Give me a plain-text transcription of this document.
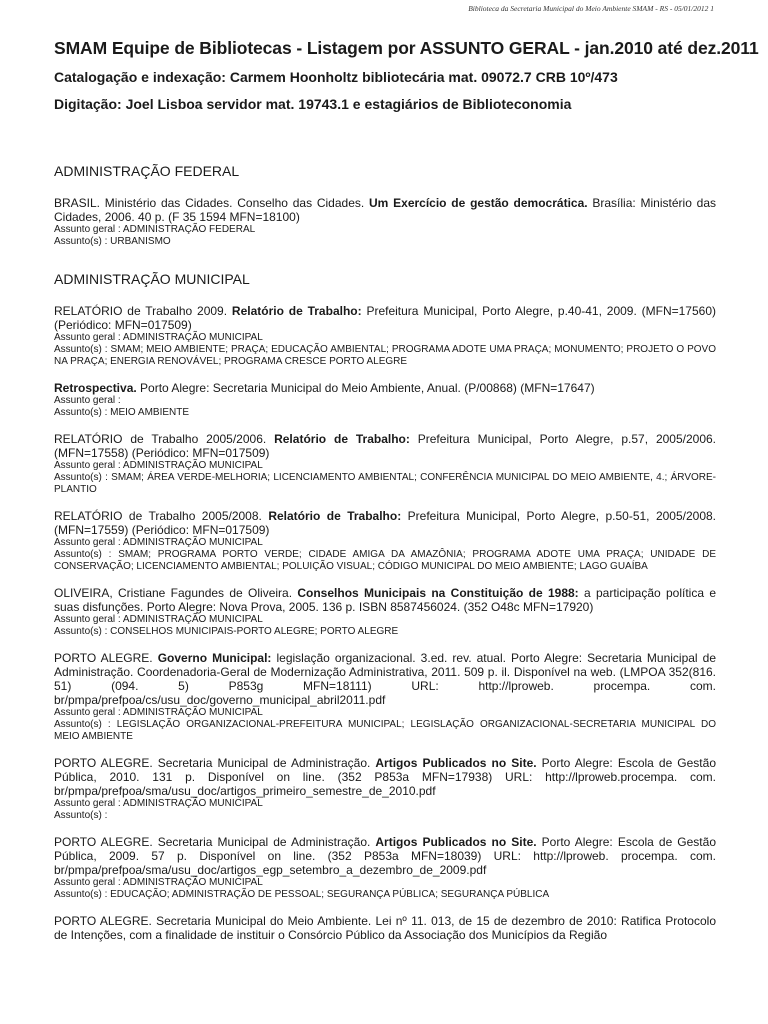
Biblioteca da Secretaria Municipal do Meio Ambiente SMAM - RS - 05/01/2012 1
SMAM Equipe de Bibliotecas - Listagem por ASSUNTO GERAL - jan.2010 até dez.2011
Catalogação e indexação: Carmem Hoonholtz bibliotecária mat. 09072.7 CRB 10º/473
Digitação: Joel Lisboa servidor mat. 19743.1 e estagiários de Biblioteconomia
ADMINISTRAÇÃO FEDERAL

BRASIL. Ministério das Cidades. Conselho das Cidades. Um Exercício de gestão democrática. Brasília: Ministério das Cidades, 2006. 40 p. (F 35 1594 MFN=18100)

Assunto geral : ADMINISTRAÇÃO FEDERAL

Assunto(s) : URBANISMO

ADMINISTRAÇÃO MUNICIPAL

RELATÓRIO de Trabalho 2009. Relatório de Trabalho: Prefeitura Municipal, Porto Alegre, p.40-41, 2009. (MFN=17560) (Periódico: MFN=017509)

Assunto geral : ADMINISTRAÇÃO MUNICIPAL

Assunto(s) : SMAM; MEIO AMBIENTE; PRAÇA; EDUCAÇÃO AMBIENTAL; PROGRAMA ADOTE UMA PRAÇA; MONUMENTO; PROJETO O POVO NA PRAÇA; ENERGIA RENOVÁVEL; PROGRAMA CRESCE PORTO ALEGRE

Retrospectiva. Porto Alegre: Secretaria Municipal do Meio Ambiente, Anual. (P/00868) (MFN=17647)

Assunto geral :

Assunto(s) : MEIO AMBIENTE

RELATÓRIO de Trabalho 2005/2006. Relatório de Trabalho: Prefeitura Municipal, Porto Alegre, p.57, 2005/2006. (MFN=17558) (Periódico: MFN=017509)

Assunto geral : ADMINISTRAÇÃO MUNICIPAL

Assunto(s) : SMAM; ÁREA VERDE-MELHORIA; LICENCIAMENTO AMBIENTAL; CONFERÊNCIA MUNICIPAL DO MEIO AMBIENTE, 4.; ÁRVORE-PLANTIO

RELATÓRIO de Trabalho 2005/2008. Relatório de Trabalho: Prefeitura Municipal, Porto Alegre, p.50-51, 2005/2008. (MFN=17559) (Periódico: MFN=017509)

Assunto geral : ADMINISTRAÇÃO MUNICIPAL

Assunto(s) : SMAM; PROGRAMA PORTO VERDE; CIDADE AMIGA DA AMAZÔNIA; PROGRAMA ADOTE UMA PRAÇA; UNIDADE DE CONSERVAÇÃO; LICENCIAMENTO AMBIENTAL; POLUIÇÃO VISUAL; CÓDIGO MUNICIPAL DO MEIO AMBIENTE; LAGO GUAÍBA

OLIVEIRA, Cristiane Fagundes de Oliveira. Conselhos Municipais na Constituição de 1988: a participação política e suas disfunções. Porto Alegre: Nova Prova, 2005. 136 p. ISBN 8587456024. (352 O48c MFN=17920)

Assunto geral : ADMINISTRAÇÃO MUNICIPAL

Assunto(s) : CONSELHOS MUNICIPAIS-PORTO ALEGRE; PORTO ALEGRE

PORTO ALEGRE. Governo Municipal: legislação organizacional. 3.ed. rev. atual. Porto Alegre: Secretaria Municipal de Administração. Coordenadoria-Geral de Modernização Administrativa, 2011. 509 p. il. Disponível na web. (LMPOA 352(816. 51) (094. 5) P853g MFN=18111) URL: http://lproweb. procempa. com. br/pmpa/prefpoa/cs/usu_doc/governo_municipal_abril2011.pdf

Assunto geral : ADMINISTRAÇÃO MUNICIPAL

Assunto(s) : LEGISLAÇÃO ORGANIZACIONAL-PREFEITURA MUNICIPAL; LEGISLAÇÃO ORGANIZACIONAL-SECRETARIA MUNICIPAL DO MEIO AMBIENTE

PORTO ALEGRE. Secretaria Municipal de Administração. Artigos Publicados no Site. Porto Alegre: Escola de Gestão Pública, 2010. 131 p. Disponível on line. (352 P853a MFN=17938) URL: http://lproweb.procempa. com. br/pmpa/prefpoa/sma/usu_doc/artigos_primeiro_semestre_de_2010.pdf

Assunto geral : ADMINISTRAÇÃO MUNICIPAL

Assunto(s) :

PORTO ALEGRE. Secretaria Municipal de Administração. Artigos Publicados no Site. Porto Alegre: Escola de Gestão Pública, 2009. 57 p. Disponível on line. (352 P853a MFN=18039) URL: http://lproweb. procempa. com. br/pmpa/prefpoa/sma/usu_doc/artigos_egp_setembro_a_dezembro_de_2009.pdf

Assunto geral : ADMINISTRAÇÃO MUNICIPAL

Assunto(s) : EDUCAÇÃO; ADMINISTRAÇÃO DE PESSOAL; SEGURANÇA PÚBLICA; SEGURANÇA PÚBLICA

PORTO ALEGRE. Secretaria Municipal do Meio Ambiente. Lei nº 11. 013, de 15 de dezembro de 2010: Ratifica Protocolo de Intenções, com a finalidade de instituir o Consórcio Público da Associação dos Municípios da Região
